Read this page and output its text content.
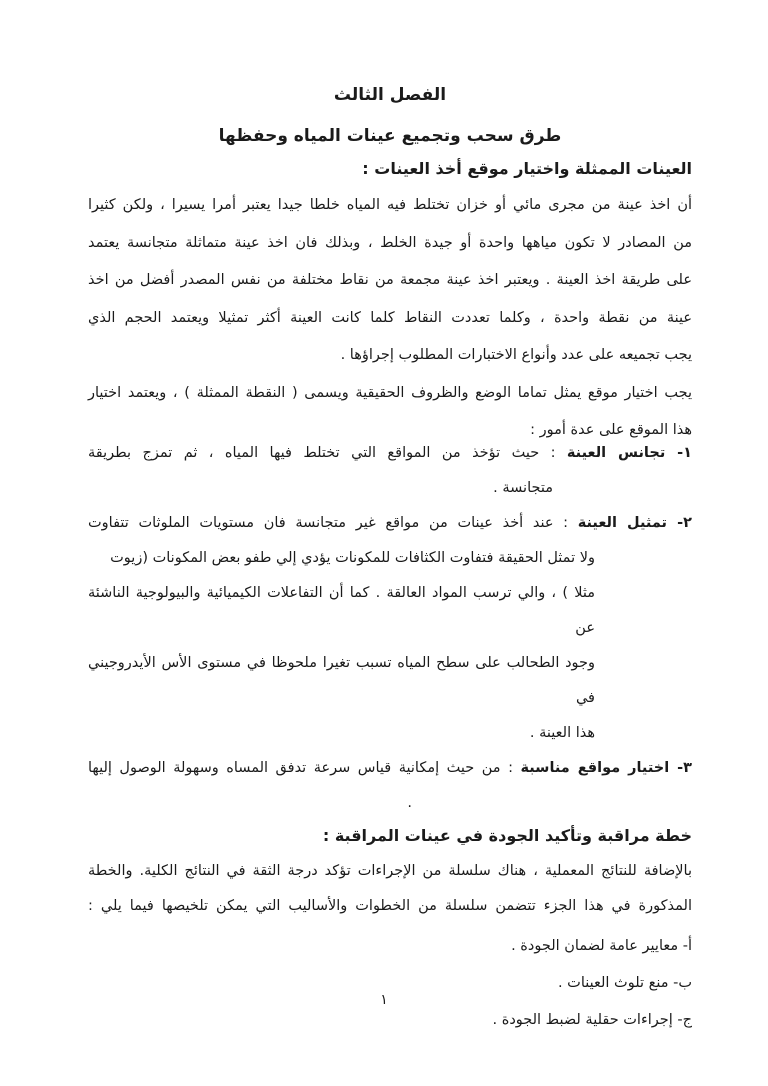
الفصل الثالث
طرق سحب وتجميع عينات المياه وحفظها
العينات الممثلة واختيار موقع أخذ العينات :
أن اخذ عينة من مجرى مائي أو خزان تختلط فيه المياه خلطا جيدا يعتبر أمرا يسيرا ، ولكن كثيرا
من المصادر لا تكون مياهها واحدة أو جيدة الخلط ، وبذلك فان اخذ عينة متماثلة متجانسة يعتمد
على طريقة اخذ العينة . ويعتبر اخذ عينة مجمعة من نقاط مختلفة من نفس المصدر أفضل من اخذ
عينة من نقطة واحدة ، وكلما تعددت النقاط كلما كانت العينة أكثر تمثيلا ويعتمد الحجم الذي
يجب تجميعه على عدد وأنواع الاختبارات المطلوب إجراؤها .
يجب اختيار موقع يمثل تماما الوضع والظروف الحقيقية ويسمى ( النقطة الممثلة ) ، ويعتمد اختيار
هذا الموقع على عدة أمور :
١- تجانس العينة : حيث تؤخذ من المواقع التي تختلط فيها المياه ، ثم تمزج بطريقة
متجانسة .
٢- تمثيل العينة : عند أخذ عينات من مواقع غير متجانسة فان مستويات الملوثات تتفاوت
ولا تمثل الحقيقة فتفاوت الكثافات للمكونات يؤدي إلي طفو بعض المكونات (زيوت
مثلا ) ، والي ترسب المواد العالقة . كما أن التفاعلات الكيميائية والبيولوجية الناشئة عن
وجود الطحالب على سطح المياه تسبب تغيرا ملحوظا في مستوى الأس الأيدروجيني في
هذا العينة .
٣- اختيار مواقع مناسبة : من حيث إمكانية قياس سرعة تدفق المساه وسهولة الوصول إليها
.
خطة مراقبة وتأكيد الجودة في عينات المراقبة :
بالإضافة للنتائج المعملية ، هناك سلسلة من الإجراءات تؤكد درجة الثقة في النتائج الكلية. والخطة
المذكورة في هذا الجزء تتضمن سلسلة من الخطوات والأساليب التي يمكن تلخيصها فيما يلي :
أ- معايير عامة لضمان الجودة .
ب- منع تلوث العينات .
ج- إجراءات حقلية لضبط الجودة .
١
